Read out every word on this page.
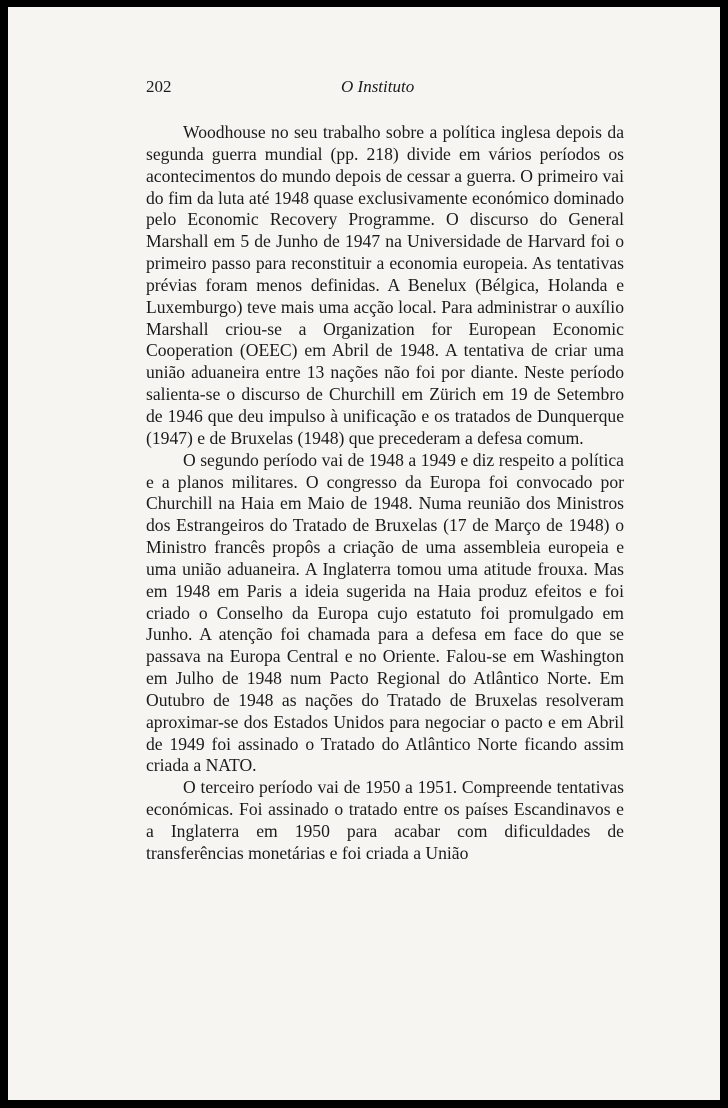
202	O Instituto

Woodhouse no seu trabalho sobre a política inglesa depois da segunda guerra mundial (pp. 218) divide em vários períodos os acontecimentos do mundo depois de cessar a guerra. O primeiro vai do fim da luta até 1948 quase exclusivamente económico dominado pelo Economic Recovery Programme. O discurso do General Marshall em 5 de Junho de 1947 na Universidade de Harvard foi o primeiro passo para reconstituir a economia europeia. As tentativas prévias foram menos definidas. A Benelux (Bélgica, Holanda e Luxemburgo) teve mais uma acção local. Para administrar o auxílio Marshall criou-se a Organization for European Economic Cooperation (OEEC) em Abril de 1948. A tentativa de criar uma união aduaneira entre 13 nações não foi por diante. Neste período salienta-se o discurso de Churchill em Zürich em 19 de Setembro de 1946 que deu impulso à unificação e os tratados de Dunquerque (1947) e de Bruxelas (1948) que precederam a defesa comum.

O segundo período vai de 1948 a 1949 e diz respeito a política e a planos militares. O congresso da Europa foi convocado por Churchill na Haia em Maio de 1948. Numa reunião dos Ministros dos Estrangeiros do Tratado de Bruxelas (17 de Março de 1948) o Ministro francês propôs a criação de uma assembleia europeia e uma união aduaneira. A Inglaterra tomou uma atitude frouxa. Mas em 1948 em Paris a ideia sugerida na Haia produz efeitos e foi criado o Conselho da Europa cujo estatuto foi promulgado em Junho. A atenção foi chamada para a defesa em face do que se passava na Europa Central e no Oriente. Falou-se em Washington em Julho de 1948 num Pacto Regional do Atlântico Norte. Em Outubro de 1948 as nações do Tratado de Bruxelas resolveram aproximar-se dos Estados Unidos para negociar o pacto e em Abril de 1949 foi assinado o Tratado do Atlântico Norte ficando assim criada a NATO.

O terceiro período vai de 1950 a 1951. Compreende tentativas económicas. Foi assinado o tratado entre os países Escandinavos e a Inglaterra em 1950 para acabar com dificuldades de transferências monetárias e foi criada a União
